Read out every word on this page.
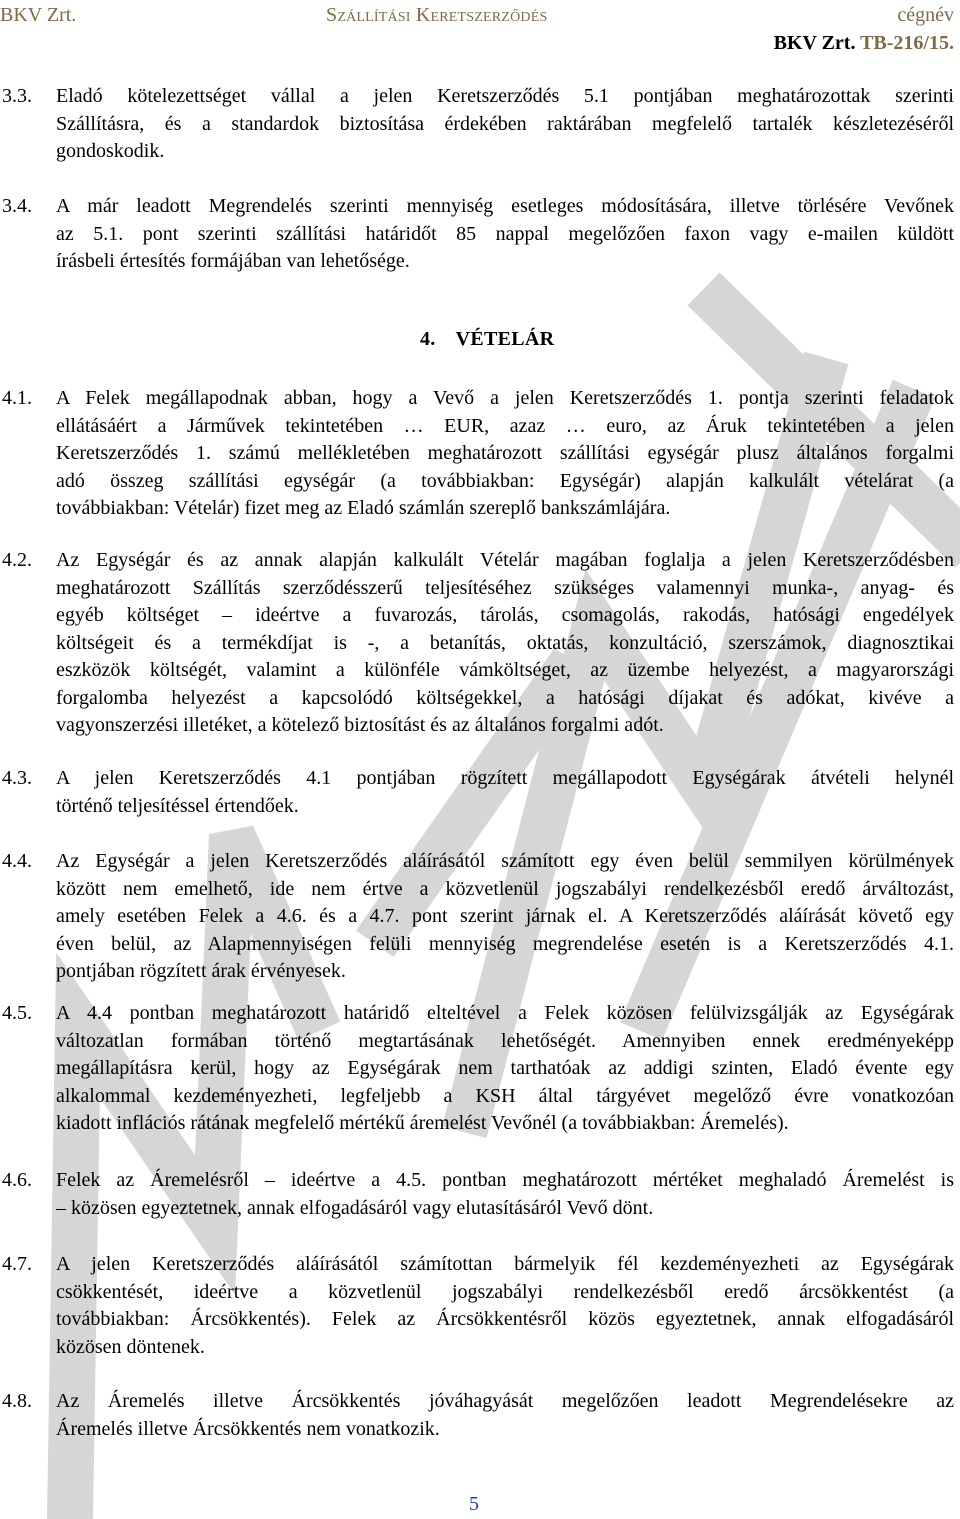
BKV Zrt.	Szállítási Keretszerződés	cégnév
BKV Zrt. TB-216/15.
3.3. Eladó kötelezettséget vállal a jelen Keretszerződés 5.1 pontjában meghatározottak szerinti
Szállításra, és a standardok biztosítása érdekében raktárában megfelelő tartalék készletezéséről
gondoskodik.
3.4. A már leadott Megrendelés szerinti mennyiség esetleges módosítására, illetve törlésére Vevőnek
az 5.1. pont szerinti szállítási határidőt 85 nappal megelőzően faxon vagy e-mailen küldött
írásbeli értesítés formájában van lehetősége.
4.1. A Felek megállapodnak abban, hogy a Vevő a jelen Keretszerződés 1. pontja szerinti feladatok
ellátásáért a Járművek tekintetében … EUR, azaz … euro, az Áruk tekintetében a jelen
Keretszerződés 1. számú mellékletében meghatározott szállítási egységár plusz általános forgalmi
adó összeg szállítási egységár (a továbbiakban: Egységár) alapján kalkulált vételárat (a
továbbiakban: Vételár) fizet meg az Eladó számlán szereplő bankszámlájára.
4.2. Az Egységár és az annak alapján kalkulált Vételár magában foglalja a jelen Keretszerződésben
meghatározott Szállítás szerződésszerű teljesítéséhez szükséges valamennyi munka-, anyag- és
egyéb költséget – ideértve a fuvarozás, tárolás, csomagolás, rakodás, hatósági engedélyek
költségeit és a termékdíjat is -, a betanítás, oktatás, konzultáció, szerszámok, diagnosztikai
eszközök költségét, valamint a különféle vámköltséget, az üzembe helyezést, a magyarországi
forgalomba helyezést a kapcsolódó költségekkel, a hatósági díjakat és adókat, kivéve a
vagyonszerzési illetéket, a kötelező biztosítást és az általános forgalmi adót.
4.3. A jelen Keretszerződés 4.1 pontjában rögzített megállapodott Egységárak átvételi helynél
történő teljesítéssel értendőek.
4.4. Az Egységár a jelen Keretszerződés aláírásától számított egy éven belül semmilyen körülmények
között nem emelhető, ide nem értve a közvetlenül jogszabályi rendelkezésből eredő árváltozást,
amely esetében Felek a 4.6. és a 4.7. pont szerint járnak el. A Keretszerződés aláírását követő egy
éven belül, az Alapmennyiségen felüli mennyiség megrendelése esetén is a Keretszerződés 4.1.
pontjában rögzített árak érvényesek.
4.5. A 4.4 pontban meghatározott határidő elteltével a Felek közösen felülvizsgálják az Egységárak
változatlan formában történő megtartásának lehetőségét. Amennyiben ennek eredményeképp
megállapításra kerül, hogy az Egységárak nem tarthatóak az addigi szinten, Eladó évente egy
alkalommal kezdeményezheti, legfeljebb a KSH által tárgyévet megelőző évre vonatkozóan
kiadott inflációs rátának megfelelő mértékű áremelést Vevőnél (a továbbiakban: Áremelés).
4.6. Felek az Áremelésről – ideértve a 4.5. pontban meghatározott mértéket meghaladó Áremelést is
– közösen egyeztetnek, annak elfogadásáról vagy elutasításáról Vevő dönt.
4.7. A jelen Keretszerződés aláírásától számítottan bármelyik fél kezdeményezheti az Egységárak
csökkentését, ideértve a közvetlenül jogszabályi rendelkezésből eredő árcsökkentést (a
továbbiakban: Árcsökkentés). Felek az Árcsökkentésről közös egyeztetnek, annak elfogadásáról
közösen döntenek.
4.8. Az Áremelés illetve Árcsökkentés jóváhagyását megelőzően leadott Megrendelésekre az
Áremelés illetve Árcsökkentés nem vonatkozik.
4. VÉTELÁR
5
